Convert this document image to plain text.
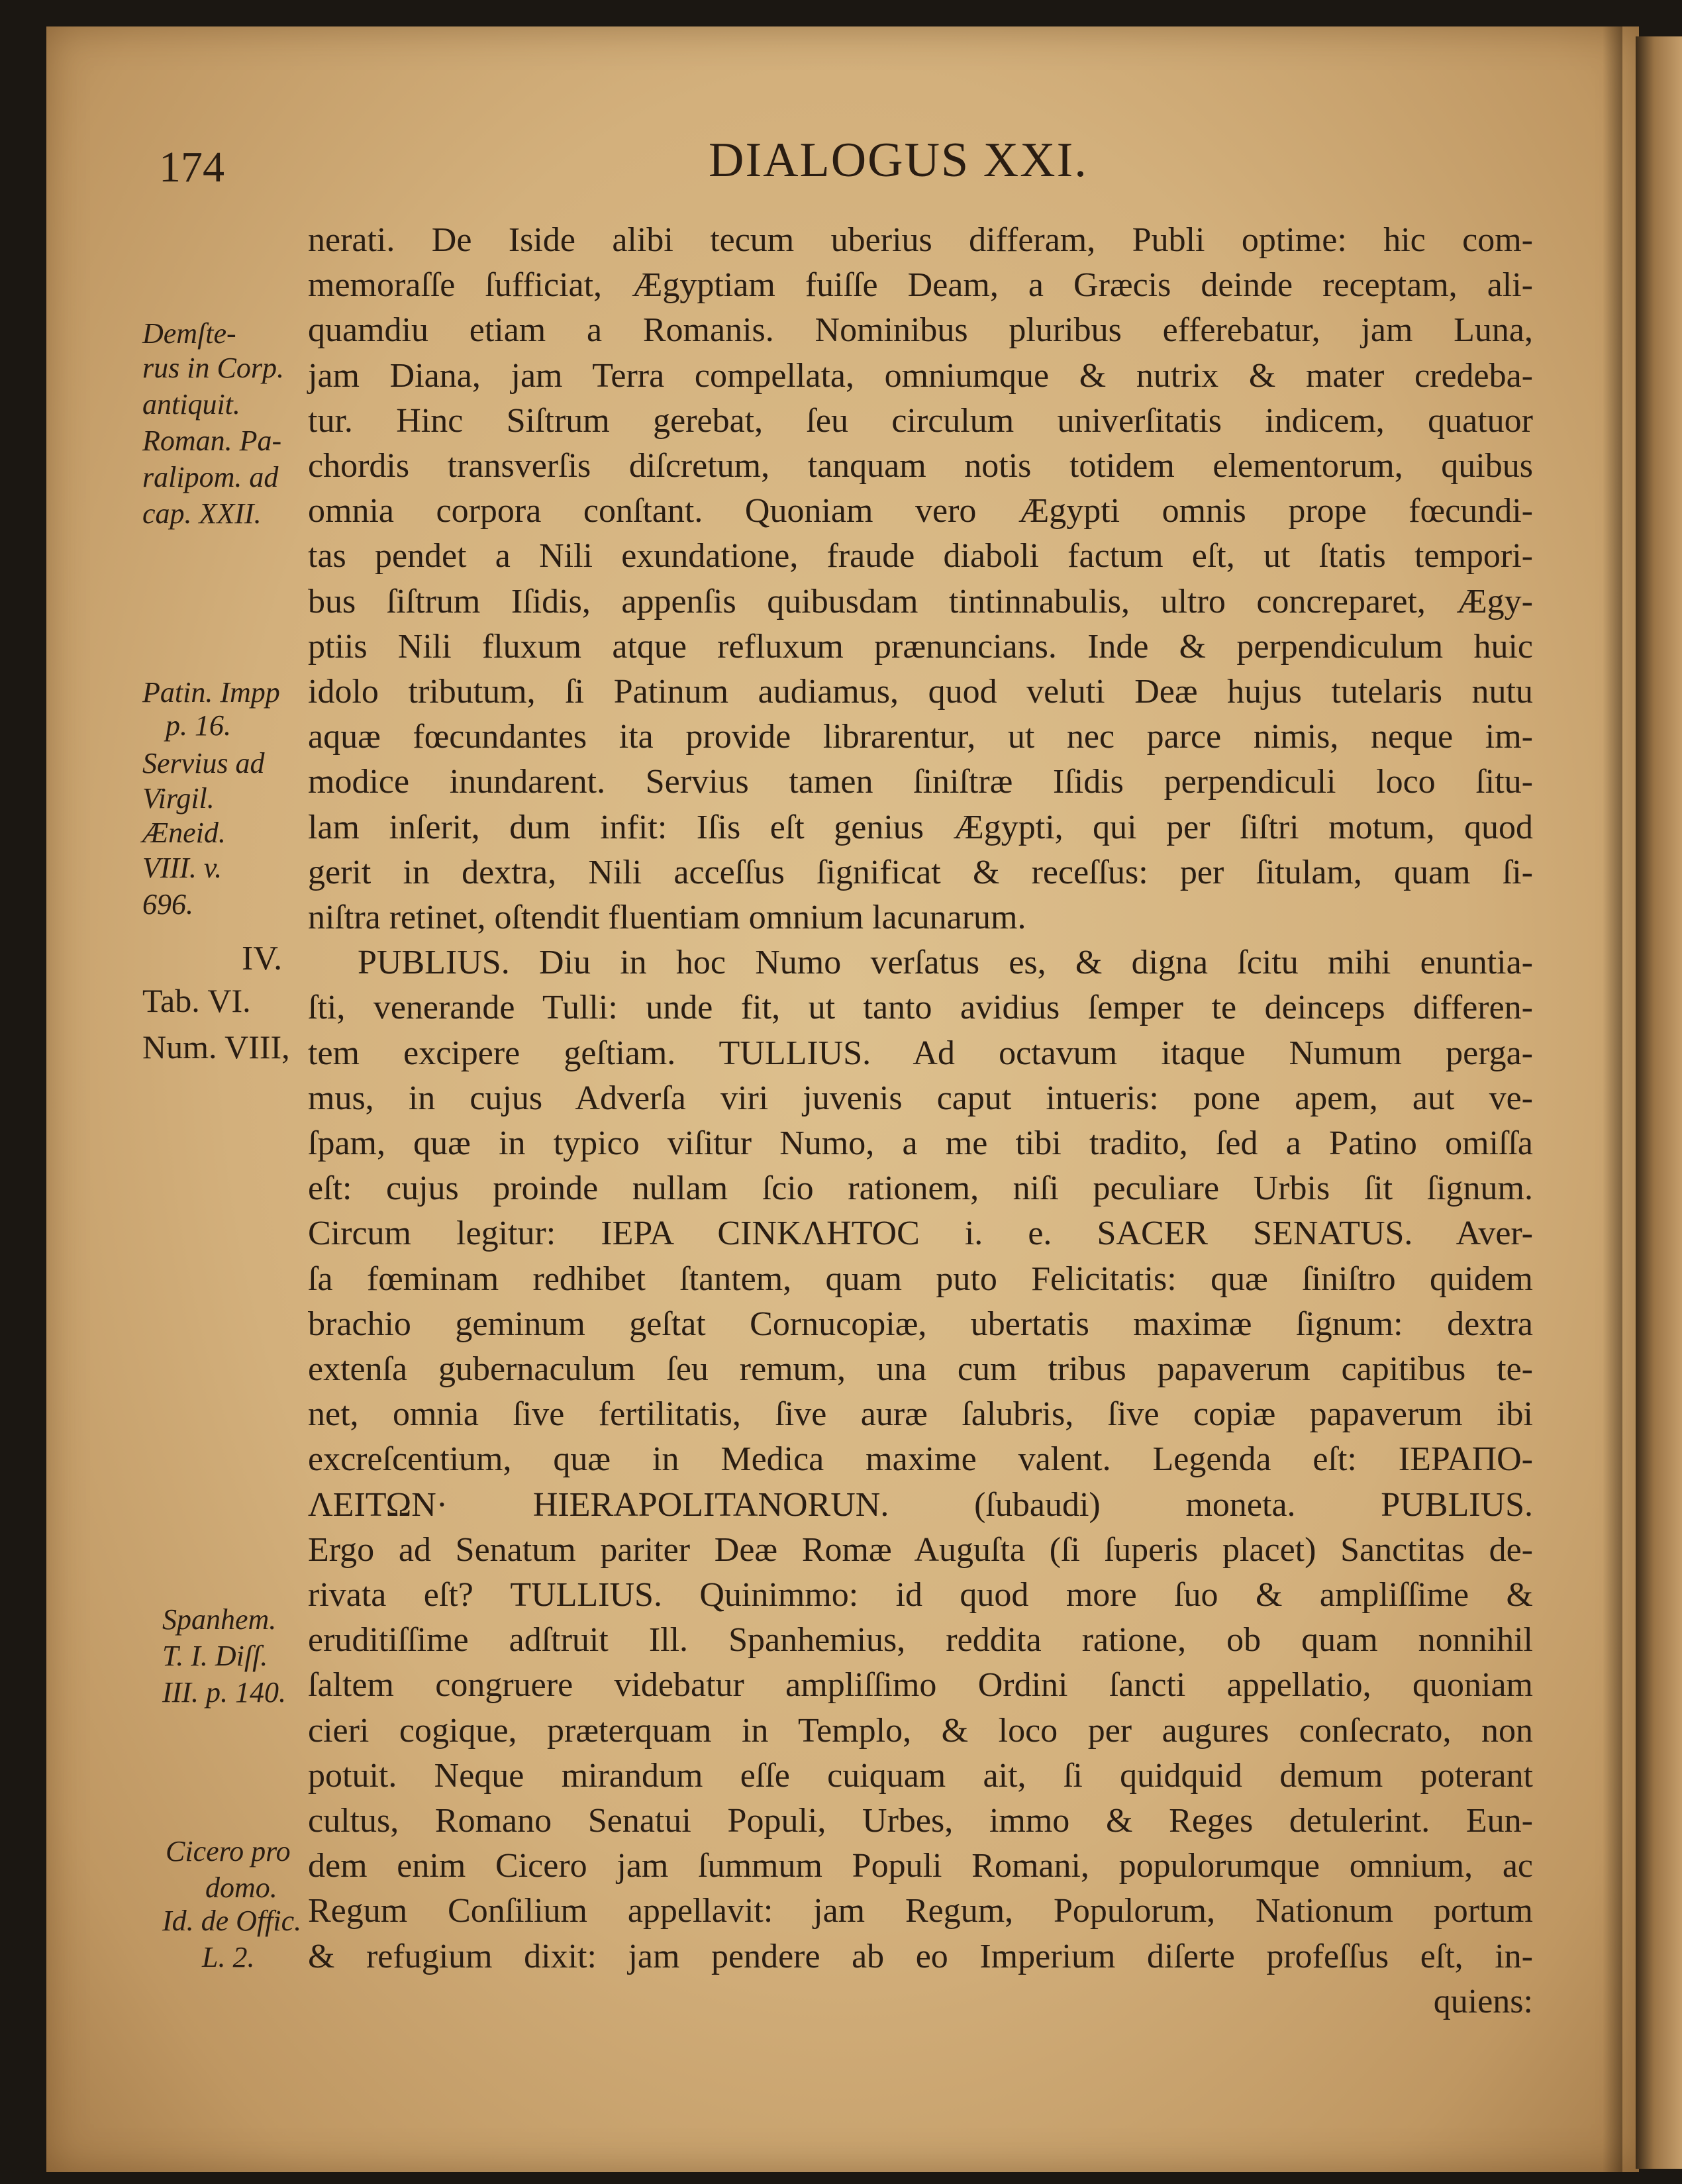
174	DIALOGUS XXI.
IV.
nerati. De Iside alibi tecum uberius differam, Publi optime: hic com-
memoraſſe ſufficiat, Ægyptiam fuiſſe Deam, a Græcis deinde receptam, ali-
quamdiu etiam a Romanis. Nominibus pluribus efferebatur, jam Luna,
jam Diana, jam Terra compellata, omniumque & nutrix & mater credeba-
tur. Hinc Siſtrum gerebat, ſeu circulum univerſitatis indicem, quatuor
chordis transverſis diſcretum, tanquam notis totidem elementorum, quibus
omnia corpora conſtant. Quoniam vero Ægypti omnis prope fœcundi-
tas pendet a Nili exundatione, fraude diaboli factum eſt, ut ſtatis tempori-
bus ſiſtrum Iſidis, appenſis quibusdam tintinnabulis, ultro concreparet, Ægy-
ptiis Nili fluxum atque refluxum prænuncians. Inde & perpendiculum huic
idolo tributum, ſi Patinum audiamus, quod veluti Deæ hujus tutelaris nutu
aquæ fœcundantes ita provide librarentur, ut nec parce nimis, neque im-
modice inundarent. Servius tamen ſiniſtræ Iſidis perpendiculi loco ſitu-
lam inſerit, dum infit: Iſis eſt genius Ægypti, qui per ſiſtri motum, quod
gerit in dextra, Nili acceſſus ſignificat & receſſus: per ſitulam, quam ſi-
niſtra retinet, oſtendit fluentiam omnium lacunarum.
PUBLIUS. Diu in hoc Numo verſatus es, & digna ſcitu mihi enuntia-
ſti, venerande Tulli: unde fit, ut tanto avidius ſemper te deinceps differen-
tem excipere geſtiam. TULLIUS. Ad octavum itaque Numum perga-
mus, in cujus Adverſa viri juvenis caput intueris: pone apem, aut ve-
ſpam, quæ in typico viſitur Numo, a me tibi tradito, ſed a Patino omiſſa
eſt: cujus proinde nullam ſcio rationem, niſi peculiare Urbis ſit ſignum.
Circum legitur: ΙΕΡΑ CΙΝΚΛΗΤΟC i. e. SACER SENATUS. Aver-
ſa fœminam redhibet ſtantem, quam puto Felicitatis: quæ ſiniſtro quidem
brachio geminum geſtat Cornucopiæ, ubertatis maximæ ſignum: dextra
extenſa gubernaculum ſeu remum, una cum tribus papaverum capitibus te-
net, omnia ſive fertilitatis, ſive auræ ſalubris, ſive copiæ papaverum ibi
excreſcentium, quæ in Medica maxime valent. Legenda eſt: ΙΕΡΑΠΟ-
ΛΕΙΤΩΝ· HIERAPOLITANORUN. (ſubaudi) moneta. PUBLIUS.
Ergo ad Senatum pariter Deæ Romæ Auguſta (ſi ſuperis placet) Sanctitas de-
rivata eſt? TULLIUS. Quinimmo: id quod more ſuo & ampliſſime &
eruditiſſime adſtruit Ill. Spanhemius, reddita ratione, ob quam nonnihil
ſaltem congruere videbatur ampliſſimo Ordini ſancti appellatio, quoniam
cieri cogique, præterquam in Templo, & loco per augures conſecrato, non
potuit. Neque mirandum eſſe cuiquam ait, ſi quidquid demum poterant
cultus, Romano Senatui Populi, Urbes, immo & Reges detulerint. Eun-
dem enim Cicero jam ſummum Populi Romani, populorumque omnium, ac
Regum Conſilium appellavit: jam Regum, Populorum, Nationum portum
& refugium dixit: jam pendere ab eo Imperium diſerte profeſſus eſt, in-
quiens:
Demſte-
rus in Corp.
antiquit.
Roman. Pa-
ralipom. ad
cap. XXII.
Patin. Impp
p. 16.
Servius ad
Virgil.
Æneid.
VIII. v.
696.
Tab. VI.
Num. VIII,
Spanhem.
T. I. Diſſ.
III. p. 140.
Cicero pro
domo.
Id. de Offic.
L. 2.
